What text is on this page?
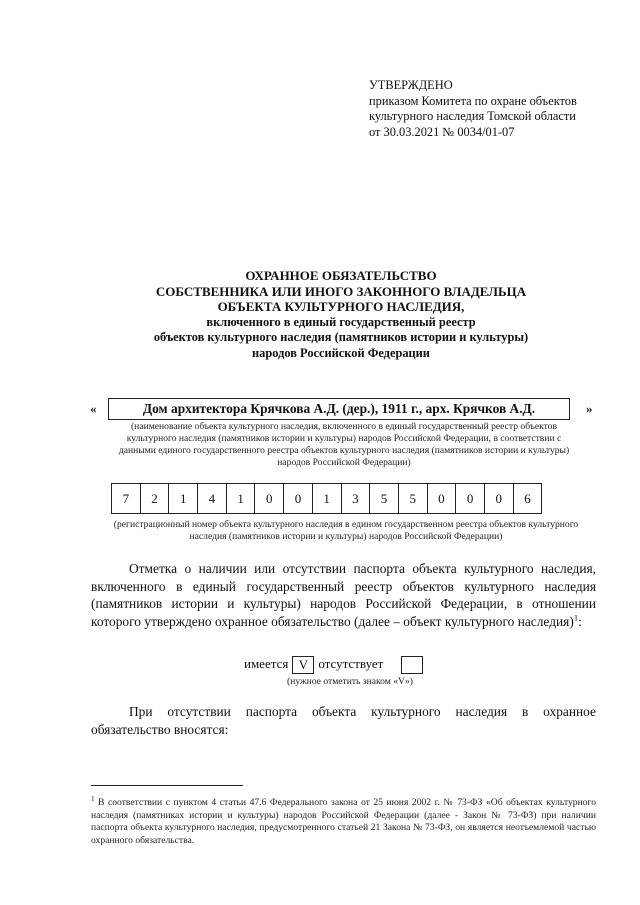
УТВЕРЖДЕНО
приказом Комитета по охране объектов
культурного наследия Томской области
от 30.03.2021 № 0034/01-07
ОХРАННОЕ ОБЯЗАТЕЛЬСТВО
СОБСТВЕННИКА ИЛИ ИНОГО ЗАКОННОГО ВЛАДЕЛЬЦА
ОБЪЕКТА КУЛЬТУРНОГО НАСЛЕДИЯ,
включенного в единый государственный реестр
объектов культурного наследия (памятников истории и культуры)
народов Российской Федерации
«	Дом архитектора Крячкова А.Д. (дер.), 1911 г., арх. Крячков А.Д.	»
(наименование объекта культурного наследия, включенного в единый государственный реестр объектов культурного наследия (памятников истории и культуры) народов Российской Федерации, в соответствии с данными единого государственного реестра объектов культурного наследия (памятников истории и культуры) народов Российской Федерации)
7	2	1	4	1	0	0	1	3	5	5	0	0	0	6
(регистрационный номер объекта культурного наследия в едином государственном реестра объектов культурного наследия (памятников истории и культуры) народов Российской Федерации)
Отметка о наличии или отсутствии паспорта объекта культурного наследия, включенного в единый государственный реестр объектов культурного наследия (памятников истории и культуры) народов Российской Федерации, в отношении которого утверждено охранное обязательство (далее – объект культурного наследия)$^1$:
имеется V отсутствует
(нужное отметить знаком «V»)
При отсутствии паспорта объекта культурного наследия в охранное обязательство вносятся:
$^1$ В соответствии с пунктом 4 статьи 47.6 Федерального закона от 25 июня 2002 г. № 73-ФЗ «Об объектах культурного наследия (памятниках истории и культуры) народов Российской Федерации (далее - Закон № 73-ФЗ) при наличии паспорта объекта культурного наследия, предусмотренного статьей 21 Закона № 73-ФЗ, он является неотъемлемой частью охранного обязательства.
